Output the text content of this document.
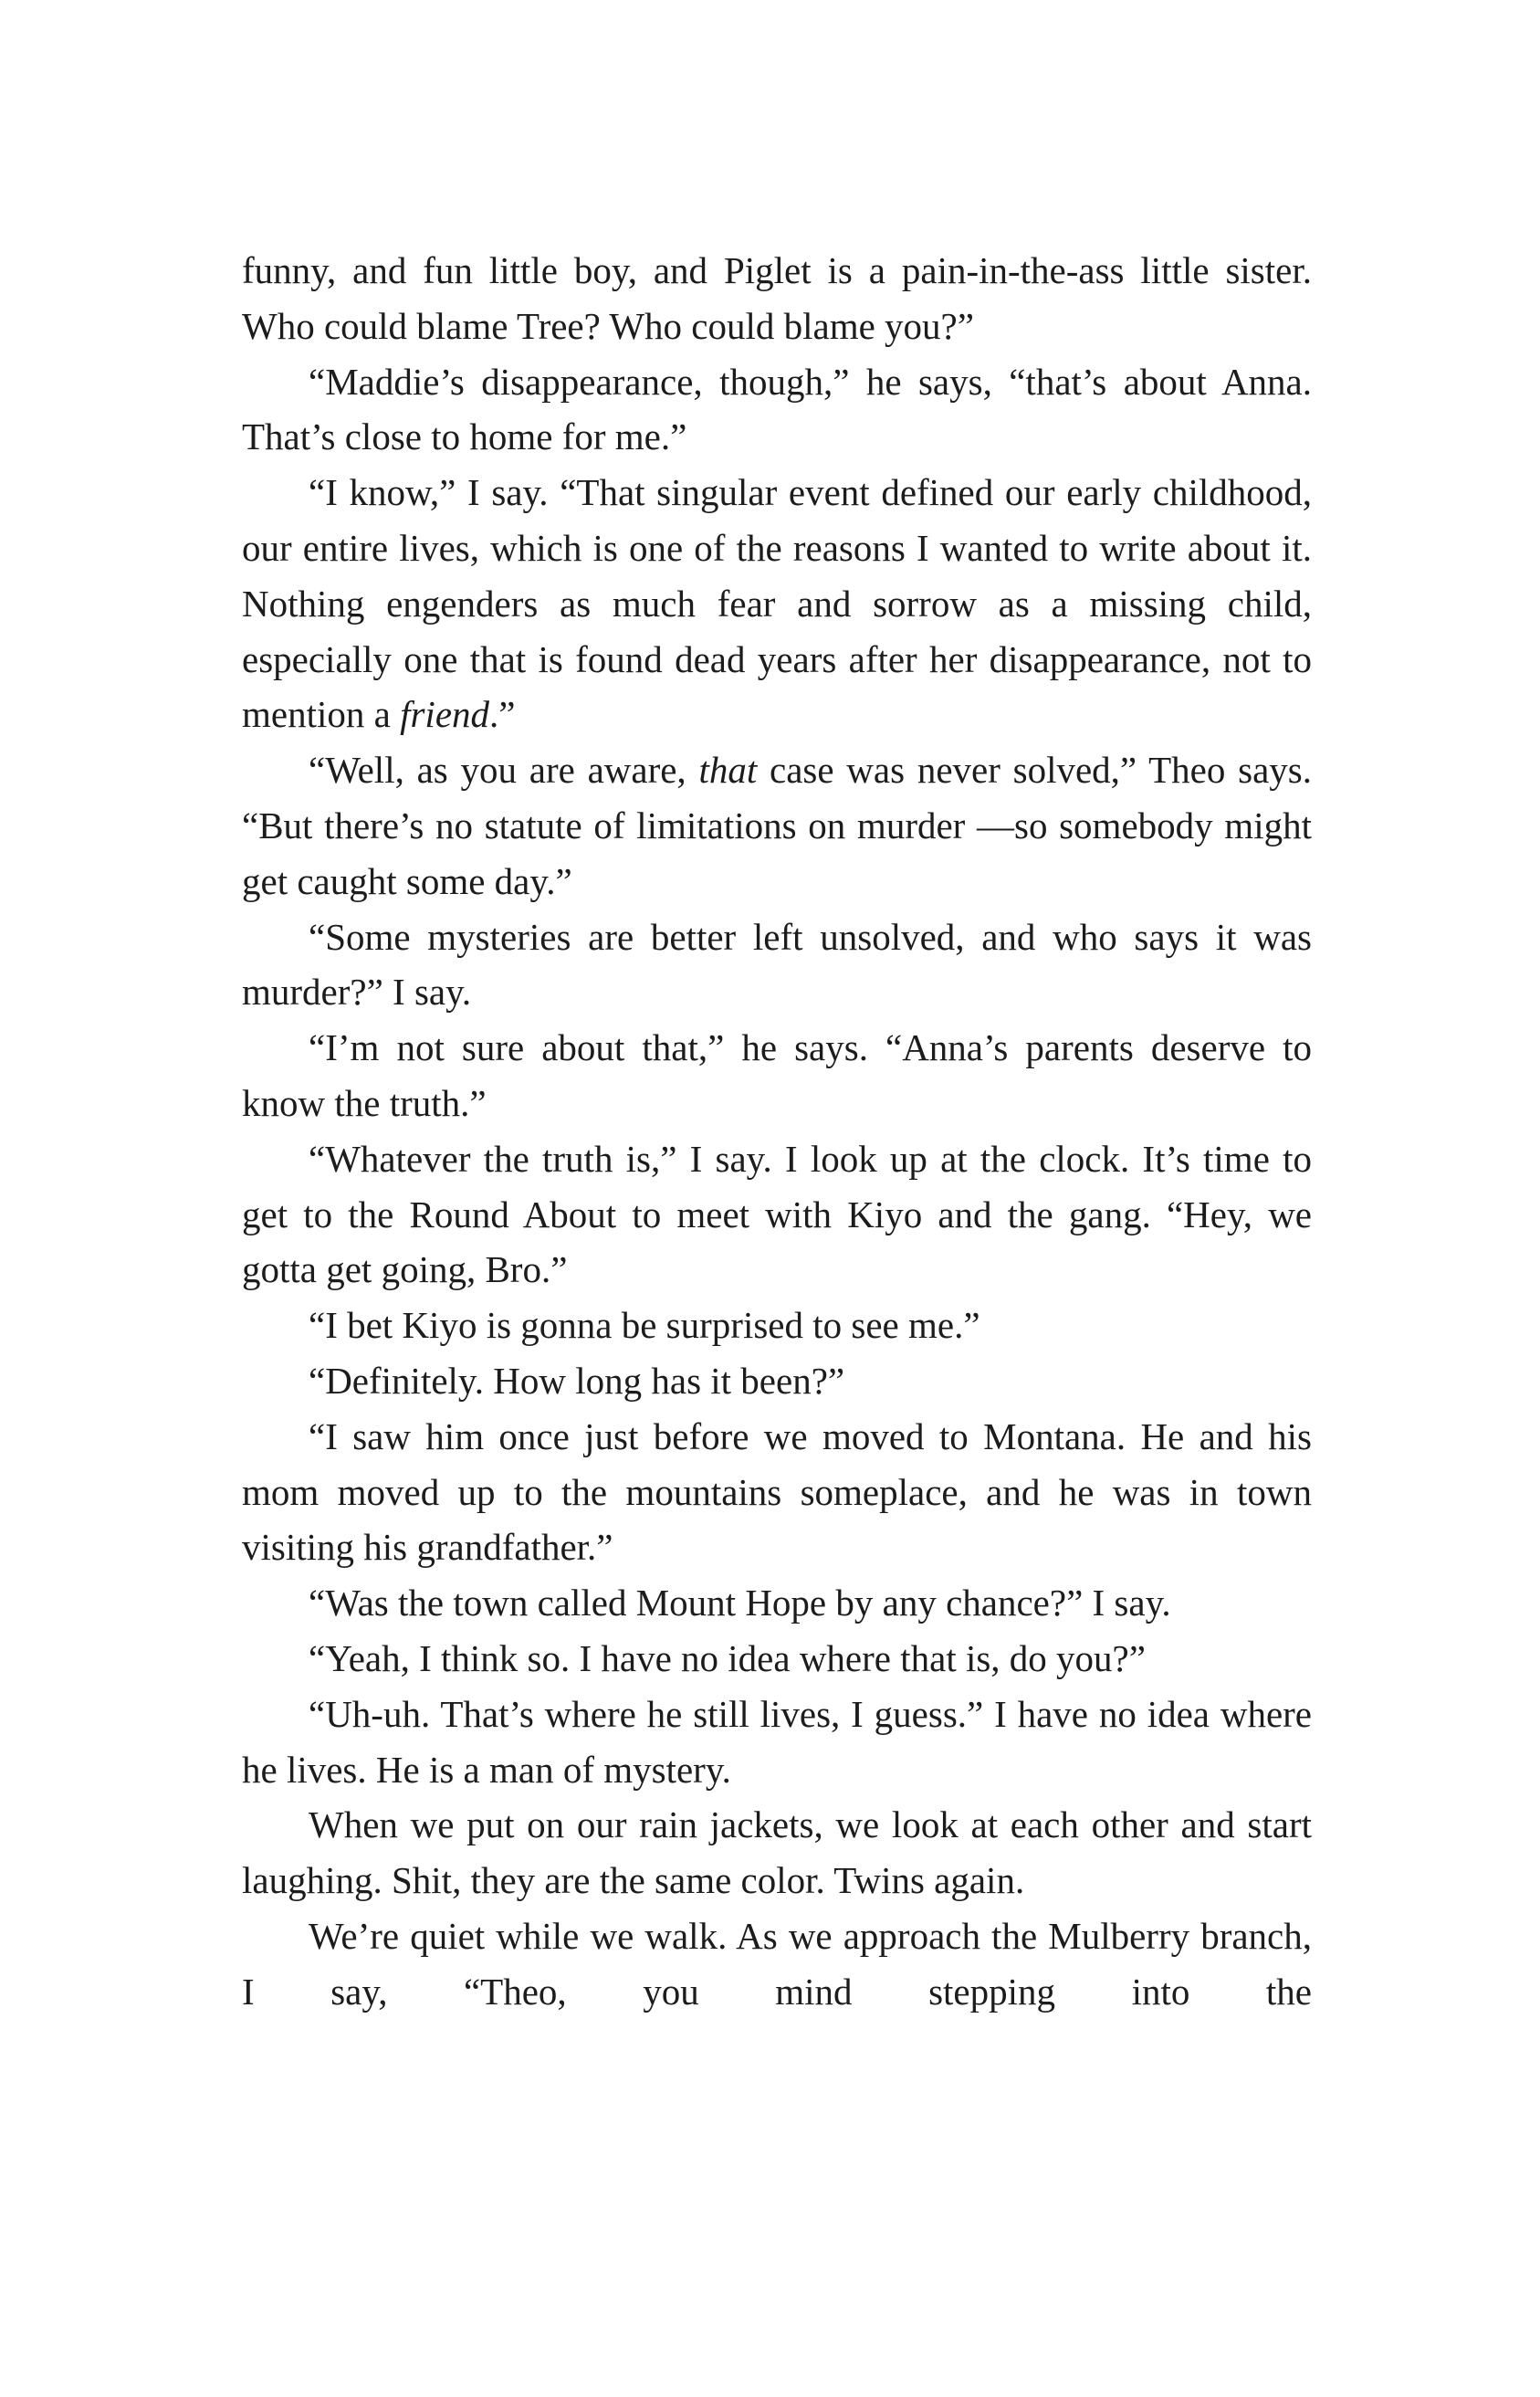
funny, and fun little boy, and Piglet is a pain-in-the-ass little sister. Who could blame Tree? Who could blame you?”

“Maddie’s disappearance, though,” he says, “that’s about Anna. That’s close to home for me.”

“I know,” I say. “That singular event defined our early childhood, our entire lives, which is one of the reasons I wanted to write about it. Nothing engenders as much fear and sorrow as a missing child, especially one that is found dead years after her disappearance, not to mention a friend.”

“Well, as you are aware, that case was never solved,” Theo says. “But there’s no statute of limitations on murder —so somebody might get caught some day.”

“Some mysteries are better left unsolved, and who says it was murder?” I say.

“I’m not sure about that,” he says. “Anna’s parents deserve to know the truth.”

“Whatever the truth is,” I say. I look up at the clock. It’s time to get to the Round About to meet with Kiyo and the gang. “Hey, we gotta get going, Bro.”

“I bet Kiyo is gonna be surprised to see me.”

“Definitely. How long has it been?”

“I saw him once just before we moved to Montana. He and his mom moved up to the mountains someplace, and he was in town visiting his grandfather.”

“Was the town called Mount Hope by any chance?” I say.

“Yeah, I think so. I have no idea where that is, do you?”

“Uh-uh. That’s where he still lives, I guess.” I have no idea where he lives. He is a man of mystery.

When we put on our rain jackets, we look at each other and start laughing. Shit, they are the same color. Twins again.

We’re quiet while we walk. As we approach the Mulberry branch, I say, “Theo, you mind stepping into the
